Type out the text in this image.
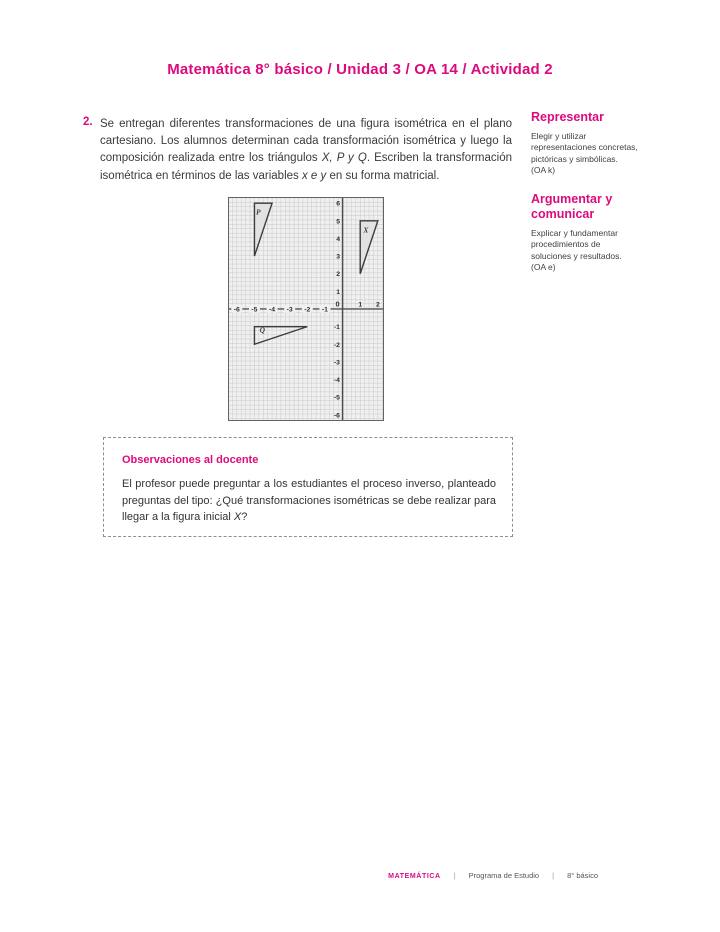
Matemática 8° básico / Unidad 3 / OA 14 / Actividad 2
2. Se entregan diferentes transformaciones de una figura isométrica en el plano cartesiano. Los alumnos determinan cada transformación isométrica y luego la composición realizada entre los triángulos X, P y Q. Escriben la transformación isométrica en términos de las variables x e y en su forma matricial.
Representar
Elegir y utilizar
representaciones concretas,
pictóricas y simbólicas.
(OA k)
Argumentar y comunicar
Explicar y fundamentar
procedimientos de
soluciones y resultados.
(OA e)
-6 -5 -4 -3 -2 -1
1 2
6
5
4
3
2
1
-1
-2
-3
-4
-5
-6
0
P
X
Q
Observaciones al docente
El profesor puede preguntar a los estudiantes el proceso inverso, planteado preguntas del tipo: ¿Qué transformaciones isométricas se debe realizar para llegar a la figura inicial X?
MATEMÁTICA | Programa de Estudio | 8° básico
